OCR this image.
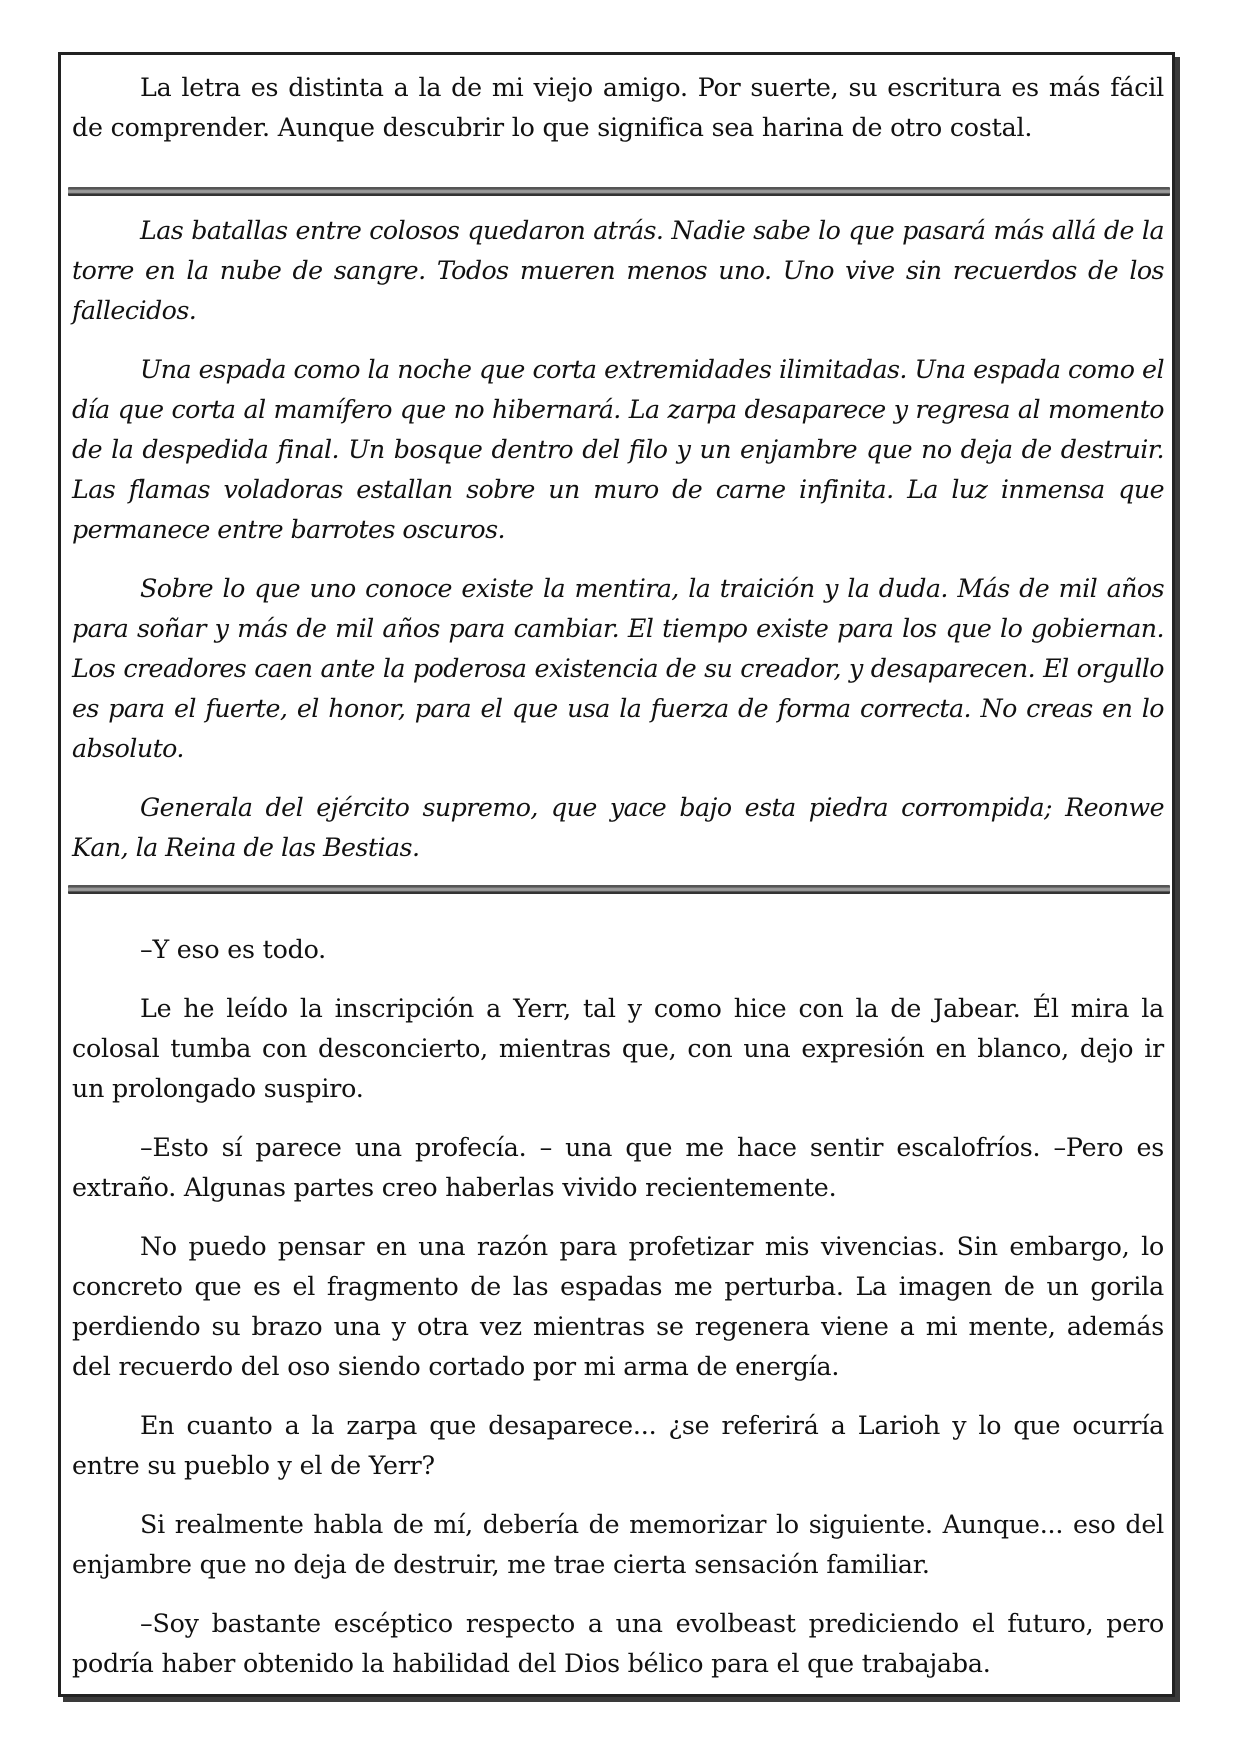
La letra es distinta a la de mi viejo amigo. Por suerte, su escritura es más fácil de comprender. Aunque descubrir lo que significa sea harina de otro costal.

Las batallas entre colosos quedaron atrás. Nadie sabe lo que pasará más allá de la torre en la nube de sangre. Todos mueren menos uno. Uno vive sin recuerdos de los fallecidos.

Una espada como la noche que corta extremidades ilimitadas. Una espada como el día que corta al mamífero que no hibernará. La zarpa desaparece y regresa al momento de la despedida final. Un bosque dentro del filo y un enjambre que no deja de destruir. Las flamas voladoras estallan sobre un muro de carne infinita. La luz inmensa que permanece entre barrotes oscuros.

Sobre lo que uno conoce existe la mentira, la traición y la duda. Más de mil años para soñar y más de mil años para cambiar. El tiempo existe para los que lo gobiernan. Los creadores caen ante la poderosa existencia de su creador, y desaparecen. El orgullo es para el fuerte, el honor, para el que usa la fuerza de forma correcta. No creas en lo absoluto.

Generala del ejército supremo, que yace bajo esta piedra corrompida; Reonwe Kan, la Reina de las Bestias.

–Y eso es todo.

Le he leído la inscripción a Yerr, tal y como hice con la de Jabear. Él mira la colosal tumba con desconcierto, mientras que, con una expresión en blanco, dejo ir un prolongado suspiro.

–Esto sí parece una profecía. – una que me hace sentir escalofríos. –Pero es extraño. Algunas partes creo haberlas vivido recientemente.

No puedo pensar en una razón para profetizar mis vivencias. Sin embargo, lo concreto que es el fragmento de las espadas me perturba. La imagen de un gorila perdiendo su brazo una y otra vez mientras se regenera viene a mi mente, además del recuerdo del oso siendo cortado por mi arma de energía.

En cuanto a la zarpa que desaparece... ¿se referirá a Larioh y lo que ocurría entre su pueblo y el de Yerr?

Si realmente habla de mí, debería de memorizar lo siguiente. Aunque... eso del enjambre que no deja de destruir, me trae cierta sensación familiar.

–Soy bastante escéptico respecto a una evolbeast prediciendo el futuro, pero podría haber obtenido la habilidad del Dios bélico para el que trabajaba.
